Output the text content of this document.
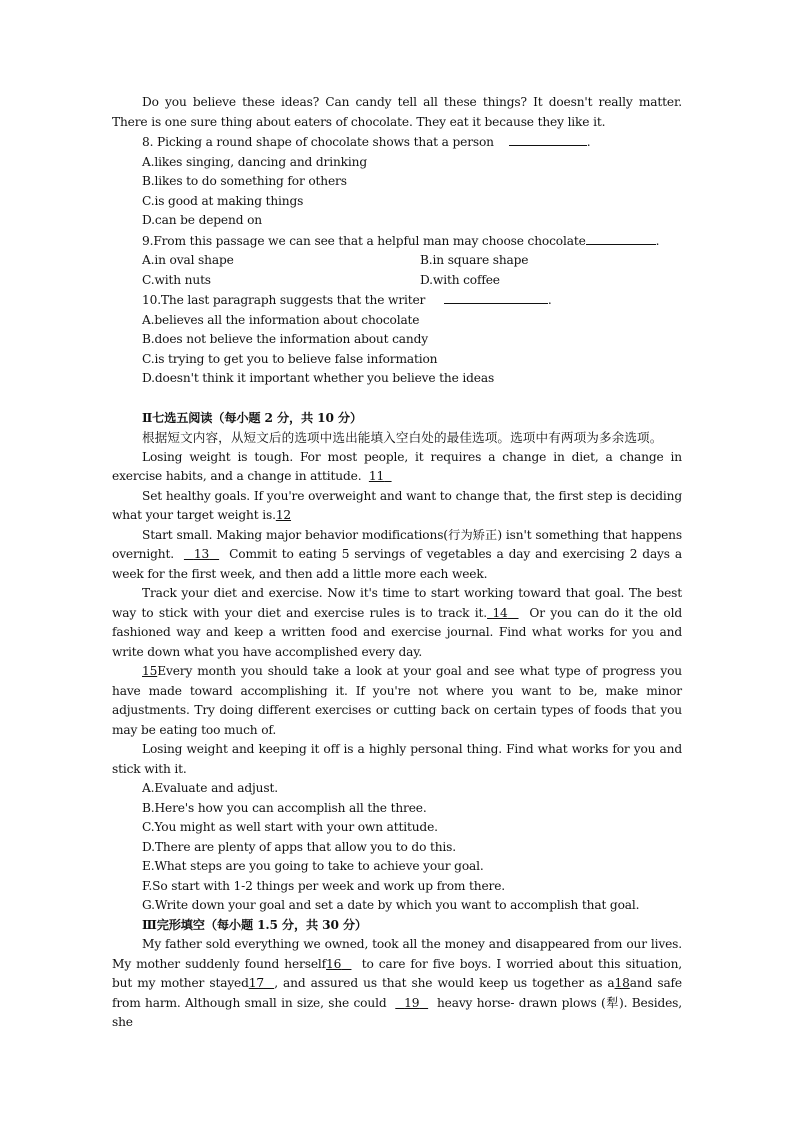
Do you believe these ideas? Can candy tell all these things? It doesn't really matter. There is one sure thing about eaters of chocolate. They eat it because they like it.

8. Picking a round shape of chocolate shows that a person	.

A.likes singing, dancing and drinking

B.likes to do something for others

C.is good at making things

D.can be depend on

9.From this passage we can see that a helpful man may choose chocolate	.

A.in oval shape	B.in square shape
C.with nuts	D.with coffee

10.The last paragraph suggests that the writer	.

A.believes all the information about chocolate

B.does not believe the information about candy

C.is trying to get you to believe false information

D.doesn't think it important whether you believe the ideas

Ⅱ七选五阅读（每小题 2 分，共 10 分）

根据短文内容，从短文后的选项中选出能填入空白处的最佳选项。选项中有两项为多余选项。

Losing weight is tough. For most people, it requires a change in diet, a change in exercise habits, and a change in attitude. 11

Set healthy goals. If you're overweight and want to change that, the first step is deciding what your target weight is.12

Start small. Making major behavior modifications(行为矫正) isn't something that happens overnight. 13 Commit to eating 5 servings of vegetables a day and exercising 2 days a week for the first week, and then add a little more each week.

Track your diet and exercise. Now it's time to start working toward that goal. The best way to stick with your diet and exercise rules is to track it. 14 Or you can do it the old fashioned way and keep a written food and exercise journal. Find what works for you and write down what you have accomplished every day.

15Every month you should take a look at your goal and see what type of progress you have made toward accomplishing it. If you're not where you want to be, make minor adjustments. Try doing different exercises or cutting back on certain types of foods that you may be eating too much of.

Losing weight and keeping it off is a highly personal thing. Find what works for you and stick with it.

A.Evaluate and adjust.

B.Here's how you can accomplish all the three.

C.You might as well start with your own attitude.

D.There are plenty of apps that allow you to do this.

E.What steps are you going to take to achieve your goal.

F.So start with 1-2 things per week and work up from there.

G.Write down your goal and set a date by which you want to accomplish that goal.

Ⅲ完形填空（每小题 1.5 分，共 30 分）

My father sold everything we owned, took all the money and disappeared from our lives. My mother suddenly found herself16 to care for five boys. I worried about this situation, but my mother stayed17 , and assured us that she would keep us together as a18and safe from harm. Although small in size, she could 19 heavy horse- drawn plows (犁). Besides, she
